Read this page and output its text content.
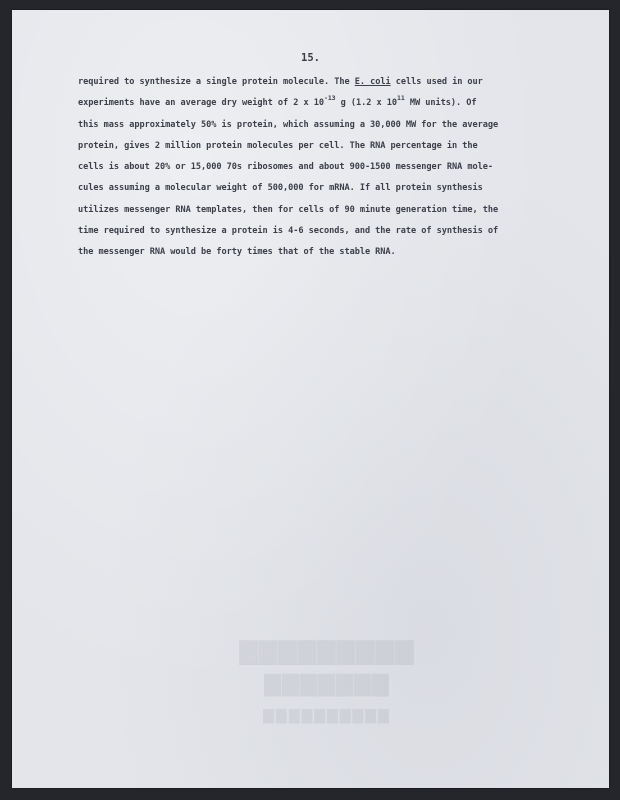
15.
required to synthesize a single protein molecule. The E. coli cells used in our
experiments have an average dry weight of 2 x $10^{-13}$ g (1.2 x $10^{11}$ MW units). Of
this mass approximately 50% is protein, which assuming a 30,000 MW for the average
protein, gives 2 million protein molecules per cell. The RNA percentage in the
cells is about 20% or 15,000 70s ribosomes and about 900-1500 messenger RNA mole-
cules assuming a molecular weight of 500,000 for mRNA. If all protein synthesis
utilizes messenger RNA templates, then for cells of 90 minute generation time, the
time required to synthesize a protein is 4-6 seconds, and the rate of synthesis of
the messenger RNA would be forty times that of the stable RNA.
▇▇▇▇▇▇▇▇▇
▇▇▇▇▇▇▇
▇▇▇▇▇▇▇▇▇▇
